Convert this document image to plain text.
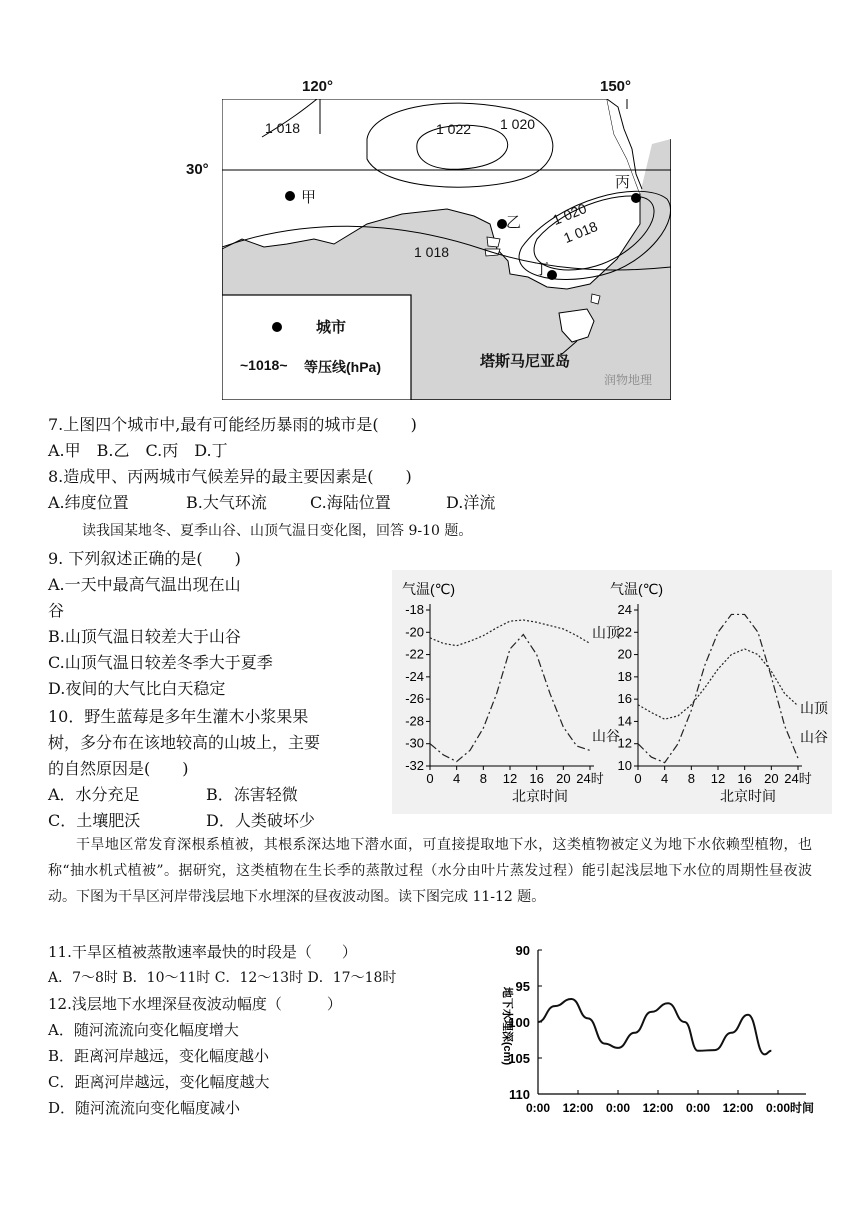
120°	150°
30°
1 018	1 022 1 020
1 020
1 018
1 018
甲
乙
丙
丁
城市
~1018~ 等压线(hPa)	塔斯马尼亚岛
润物地理
7.上图四个城市中,最有可能经历暴雨的城市是(　　)
A.甲　B.乙　C.丙　D.丁
8.造成甲、丙两城市气候差异的最主要因素是(　　)
A.纬度位置	B.大气环流	C.海陆位置	D.洋流
读我国某地冬、夏季山谷、山顶气温日变化图，回答 9-10 题。
9. 下列叙述正确的是(　　)
A.一天中最高气温出现在山
谷
B.山顶气温日较差大于山谷
C.山顶气温日较差冬季大于夏季
D.夜间的大气比白天稳定
10．野生蓝莓是多年生灌木小浆果果
树，多分布在该地较高的山坡上，主要
的自然原因是(　　)
A．水分充足	B．冻害轻微
C．土壤肥沃	D．人类破坏少
气温(℃)
-18
-20
-22
-24
-26
-28
-30
-32
0 4 8 12 16 20 24时
北京时间
山顶
山谷
气温(℃)
24
22
20
18
16
14
12
10
0 4 8 12 16 20 24时
北京时间
山顶
山谷
干旱地区常发育深根系植被，其根系深达地下潜水面，可直接提取地下水，这类植物被定义为地下水依赖型植物，也称“抽水机式植被”。据研究，这类植物在生长季的蒸散过程（水分由叶片蒸发过程）能引起浅层地下水位的周期性昼夜波动。下图为干旱区河岸带浅层地下水埋深的昼夜波动图。读下图完成 11-12 题。
11.干旱区植被蒸散速率最快的时段是（　　）
A．7～8时 B．10～11时 C．12～13时 D．17～18时
12.浅层地下水埋深昼夜波动幅度（　　　）
A．随河流流向变化幅度增大
B．距离河岸越远，变化幅度越小
C．距离河岸越远，变化幅度越大
D．随河流流向变化幅度减小
地下水埋深(cm)
90
95
100
105
110
0:00 12:00 0:00 12:00 0:00 12:00 0:00 时间
